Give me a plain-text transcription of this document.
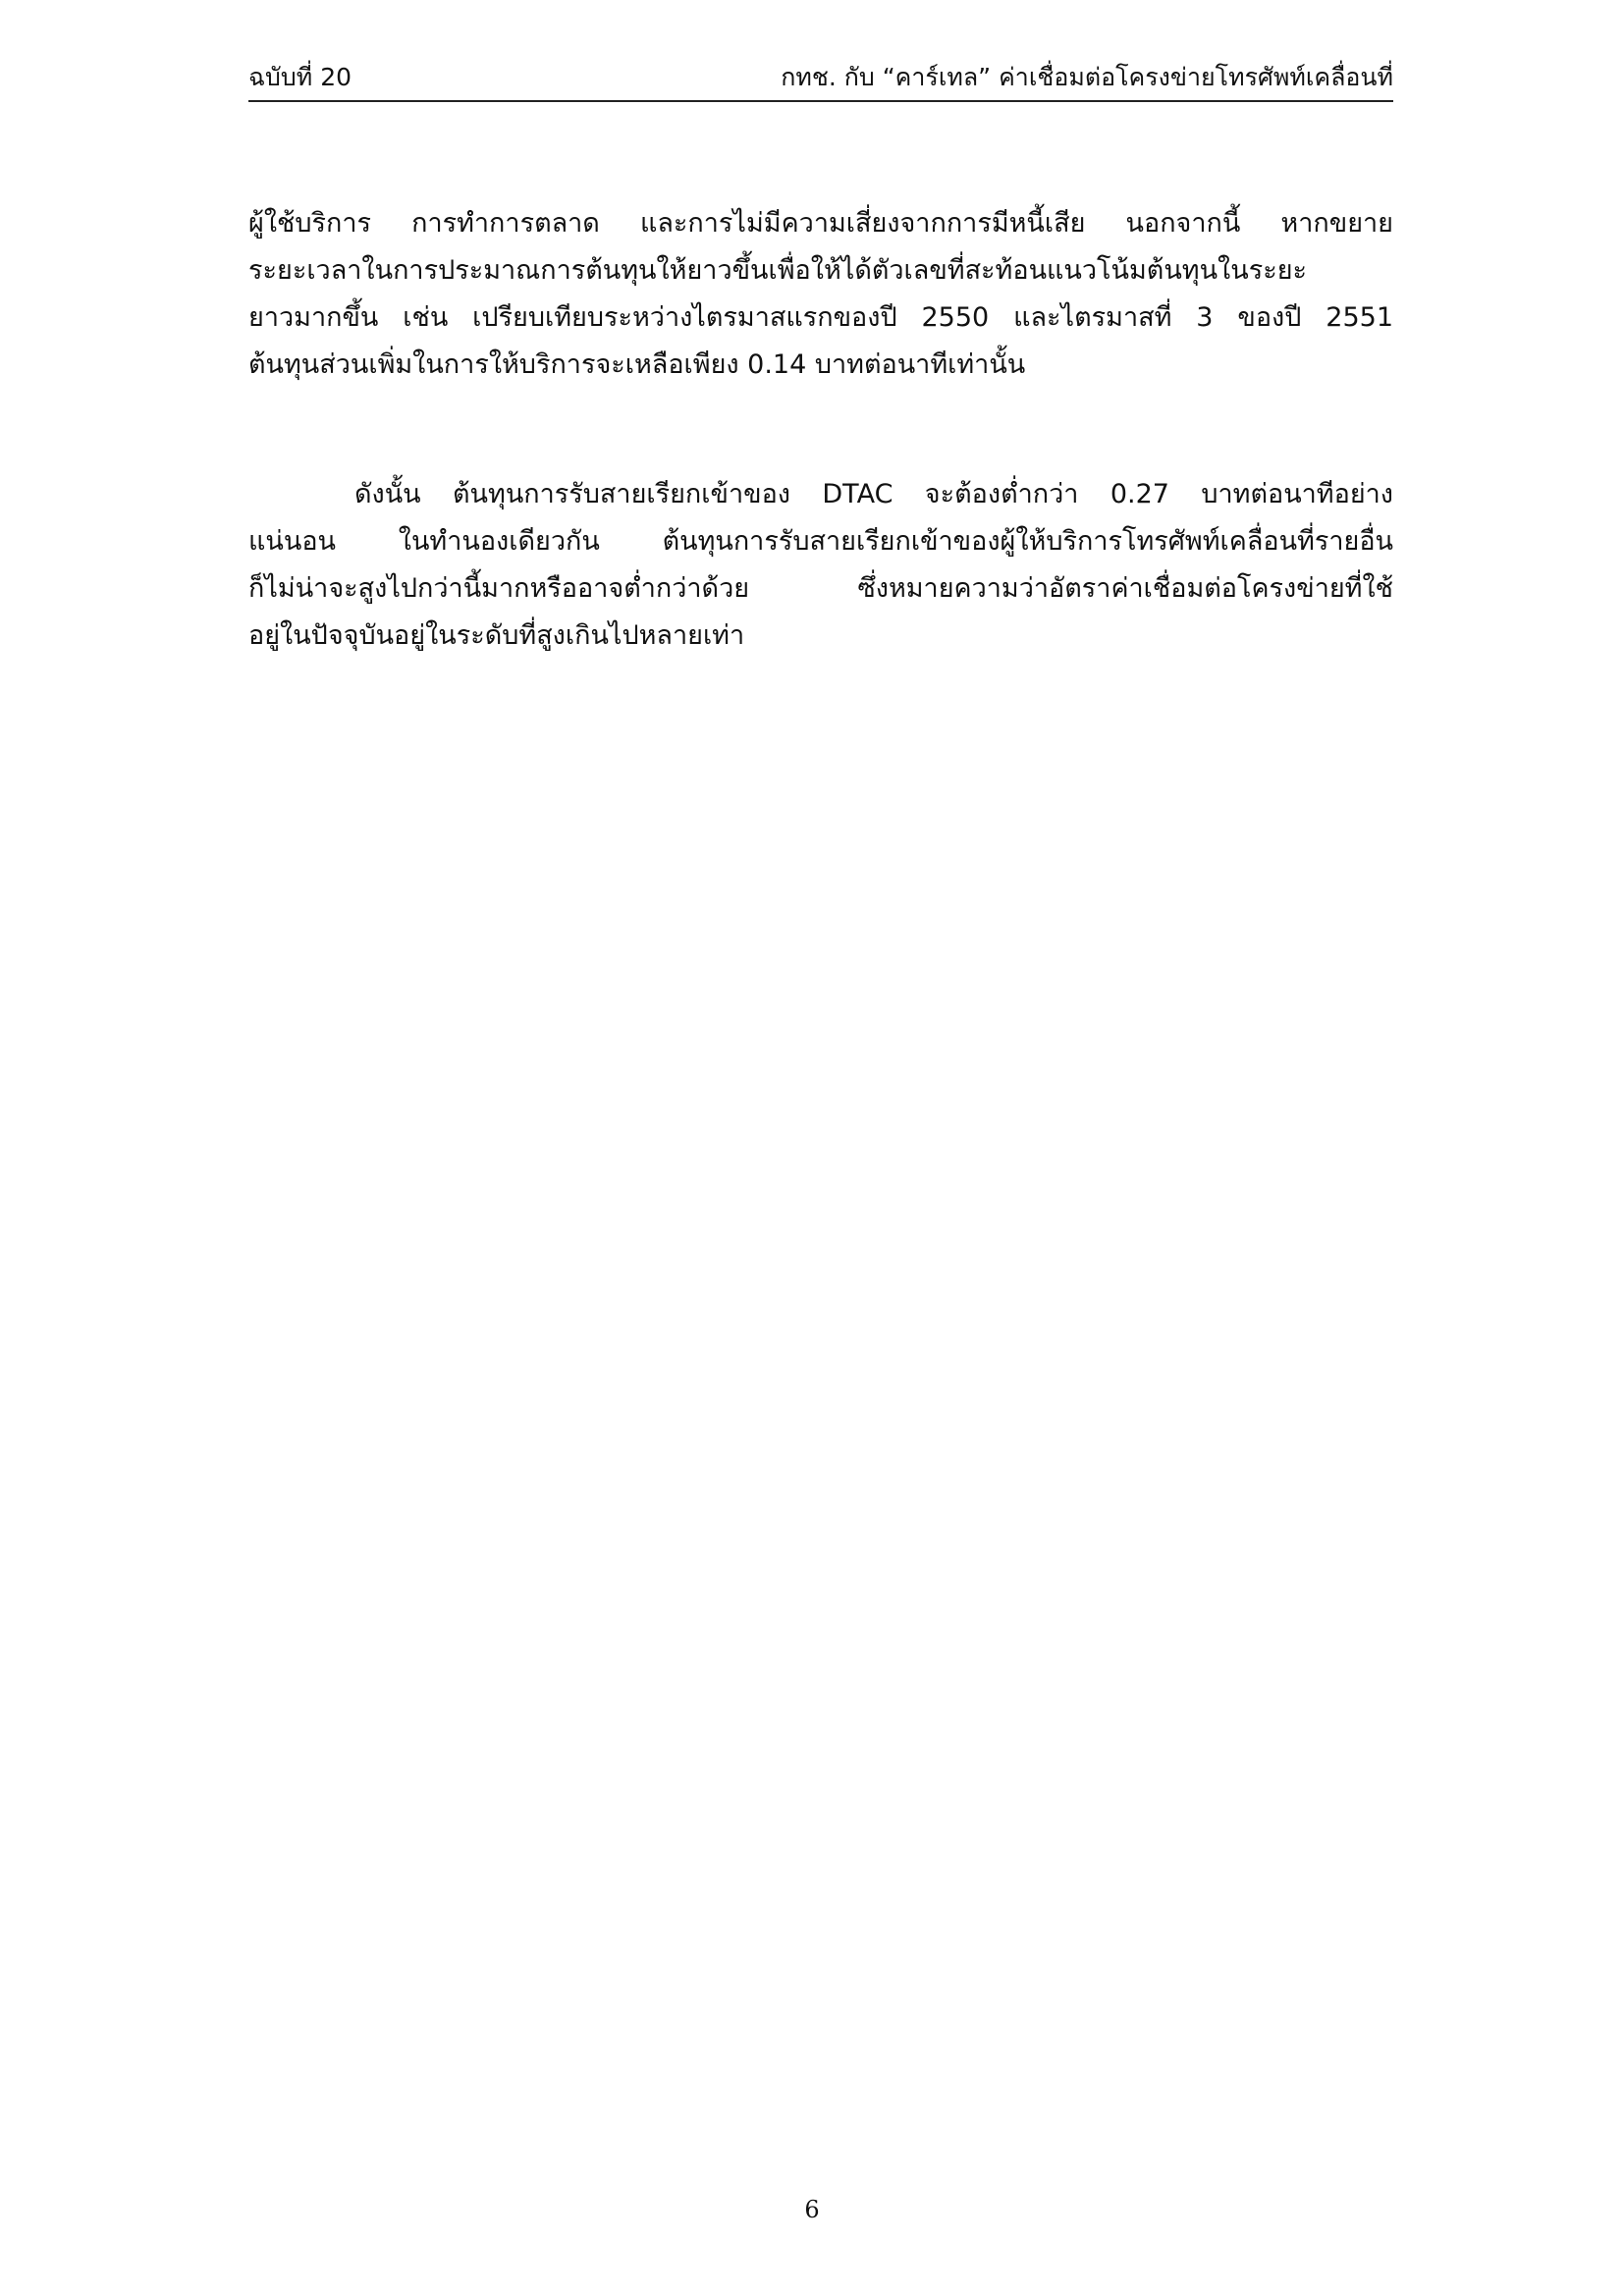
ฉบับที่ 20	กทช. กับ “คาร์เทล” ค่าเชื่อมต่อโครงข่ายโทรศัพท์เคลื่อนที่
ผู้ใช้บริการ การทำการตลาด และการไม่มีความเสี่ยงจากการมีหนี้เสีย นอกจากนี้ หากขยาย
ระยะเวลาในการประมาณการต้นทุนให้ยาวขึ้นเพื่อให้ได้ตัวเลขที่สะท้อนแนวโน้มต้นทุนในระยะ
ยาวมากขึ้น เช่น เปรียบเทียบระหว่างไตรมาสแรกของปี 2550 และไตรมาสที่ 3 ของปี 2551
ต้นทุนส่วนเพิ่มในการให้บริการจะเหลือเพียง 0.14 บาทต่อนาทีเท่านั้น
ดังนั้น ต้นทุนการรับสายเรียกเข้าของ DTAC จะต้องต่ำกว่า 0.27 บาทต่อนาทีอย่าง
แน่นอน ในทำนองเดียวกัน ต้นทุนการรับสายเรียกเข้าของผู้ให้บริการโทรศัพท์เคลื่อนที่รายอื่น
ก็ไม่น่าจะสูงไปกว่านี้มากหรืออาจต่ำกว่าด้วย ซึ่งหมายความว่าอัตราค่าเชื่อมต่อโครงข่ายที่ใช้
อยู่ในปัจจุบันอยู่ในระดับที่สูงเกินไปหลายเท่า
6
